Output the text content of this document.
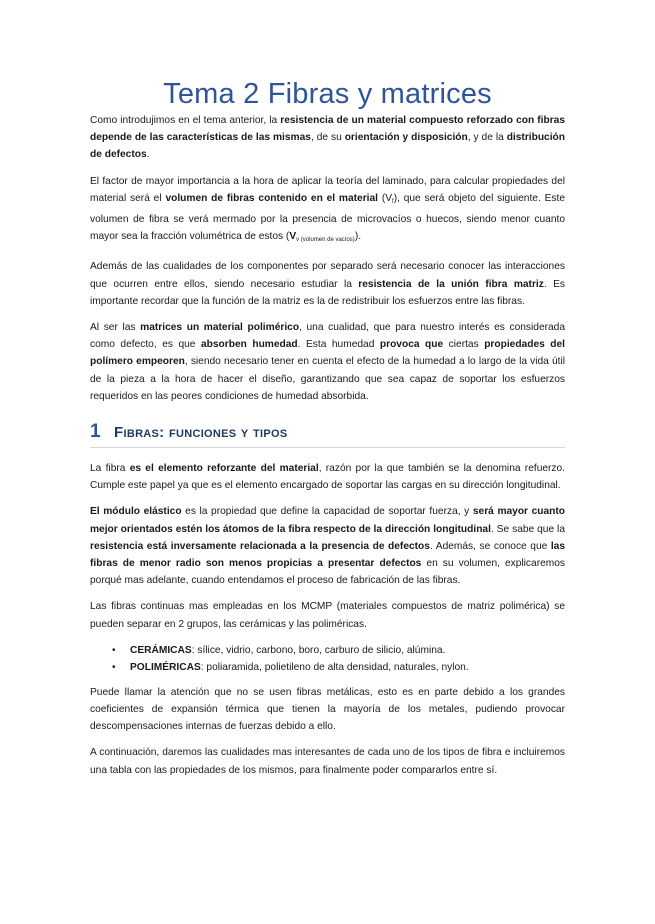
Tema 2 Fibras y matrices

Como introdujimos en el tema anterior, la resistencia de un material compuesto reforzado con fibras depende de las características de las mismas, de su orientación y disposición, y de la distribución de defectos.

El factor de mayor importancia a la hora de aplicar la teoría del laminado, para calcular propiedades del material será el volumen de fibras contenido en el material $(V_f)$, que será objeto del siguiente. Este volumen de fibra se verá mermado por la presencia de microvacíos o huecos, siendo menor cuanto mayor sea la fracción volumétrica de estos $(V_{v (volumen de vacíos)})$.

Además de las cualidades de los componentes por separado será necesario conocer las interacciones que ocurren entre ellos, siendo necesario estudiar la resistencia de la unión fibra matriz. Es importante recordar que la función de la matriz es la de redistribuir los esfuerzos entre las fibras.

Al ser las matrices un material polimérico, una cualidad, que para nuestro interés es considerada como defecto, es que absorben humedad. Esta humedad provoca que ciertas propiedades del polímero empeoren, siendo necesario tener en cuenta el efecto de la humedad a lo largo de la vida útil de la pieza a la hora de hacer el diseño, garantizando que sea capaz de soportar los esfuerzos requeridos en las peores condiciones de humedad absorbida.

1 Fibras: funciones y tipos

La fibra es el elemento reforzante del material, razón por la que también se la denomina refuerzo. Cumple este papel ya que es el elemento encargado de soportar las cargas en su dirección longitudinal.

El módulo elástico es la propiedad que define la capacidad de soportar fuerza, y será mayor cuanto mejor orientados estén los átomos de la fibra respecto de la dirección longitudinal. Se sabe que la resistencia está inversamente relacionada a la presencia de defectos. Además, se conoce que las fibras de menor radio son menos propicias a presentar defectos en su volumen, explicaremos porqué mas adelante, cuando entendamos el proceso de fabricación de las fibras.

Las fibras continuas mas empleadas en los MCMP (materiales compuestos de matriz polimérica) se pueden separar en 2 grupos, las cerámicas y las poliméricas.

• CERÁMICAS: sílice, vidrio, carbono, boro, carburo de silicio, alúmina.
• POLIMÉRICAS: poliaramida, polietileno de alta densidad, naturales, nylon.

Puede llamar la atención que no se usen fibras metálicas, esto es en parte debido a los grandes coeficientes de expansión térmica que tienen la mayoría de los metales, pudiendo provocar descompensaciones internas de fuerzas debido a ello.

A continuación, daremos las cualidades mas interesantes de cada uno de los tipos de fibra e incluiremos una tabla con las propiedades de los mismos, para finalmente poder compararlos entre sí.
